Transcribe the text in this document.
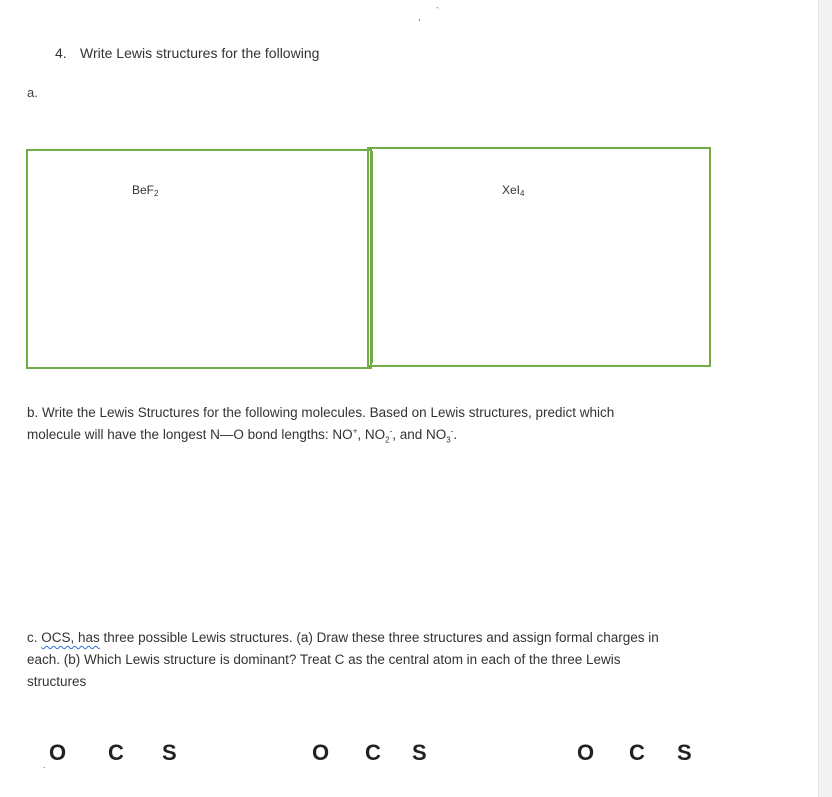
,
`
4. Write Lewis structures for the following
a.
BeF$_2$	XeI$_4$
b. Write the Lewis Structures for the following molecules. Based on Lewis structures, predict which
molecule will have the longest N—O bond lengths: NO+, $NO_2^-$, and $NO_3^-$.
c. OCS, has three possible Lewis structures. (a) Draw these three structures and assign formal charges in
each. (b) Which Lewis structure is dominant? Treat C as the central atom in each of the three Lewis
structures
. O C S	O C S	O C S
